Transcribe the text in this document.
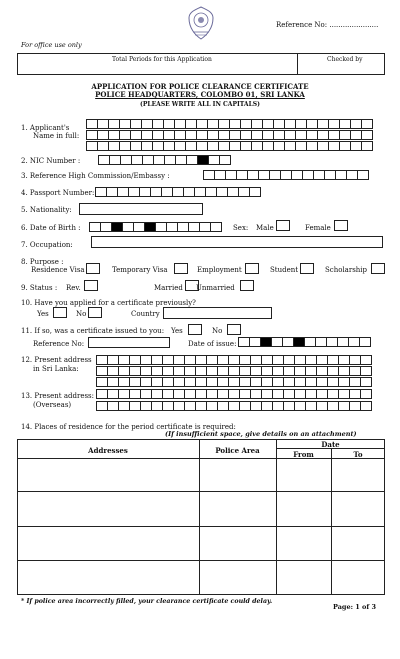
Reference No: ......................
For office use only
Total Periods for this Application	Checked by
APPLICATION FOR POLICE CLEARANCE CERTIFICATE
POLICE HEADQUARTERS, COLOMBO 01, SRI LANKA
(PLEASE WRITE ALL IN CAPITALS)
1. Applicant's
Name in full:
2. NIC Number :
3. Reference High Commission/Embassy :
4. Passport Number:
5. Nationality:
6. Date of Birth :	Sex: Male	Female
7. Occupation:
8. Purpose :
Residence Visa	Temporary Visa	Employment	Student	Scholarship
9. Status : Rev.	Married Unmarried
10. Have you applied for a certificate previously?
Yes	No	Country
11. If so, was a certificate issued to you: Yes	No
Reference No:	Date of issue:
12. Present address
in Sri Lanka:
13. Present address:
(Overseas)
14. Places of residence for the period certificate is required:
(If insufficient space, give details on an attachment)
Addresses	Police Area
Date
From	To
* If police area incorrectly filled, your clearance certificate could delay.
Page: 1 of 3
